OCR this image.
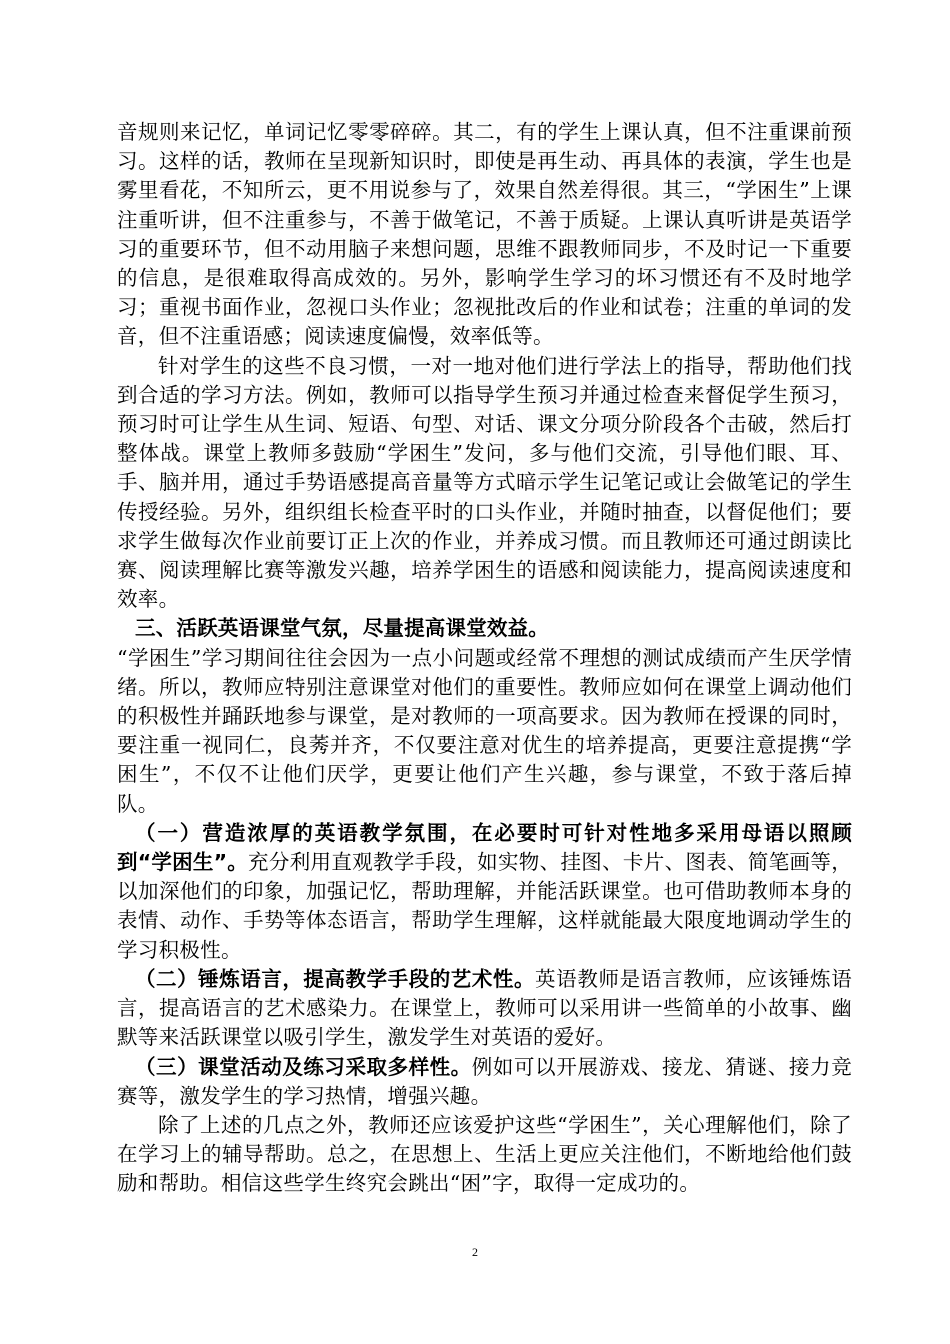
音规则来记忆，单词记忆零零碎碎。其二，有的学生上课认真，但不注重课前预习。这样的话，教师在呈现新知识时，即使是再生动、再具体的表演，学生也是雾里看花，不知所云，更不用说参与了，效果自然差得很。其三，“学困生”上课注重听讲，但不注重参与，不善于做笔记，不善于质疑。上课认真听讲是英语学习的重要环节，但不动用脑子来想问题，思维不跟教师同步，不及时记一下重要的信息，是很难取得高成效的。另外，影响学生学习的坏习惯还有不及时地学习；重视书面作业，忽视口头作业；忽视批改后的作业和试卷；注重的单词的发音，但不注重语感；阅读速度偏慢，效率低等。

针对学生的这些不良习惯，一对一地对他们进行学法上的指导，帮助他们找到合适的学习方法。例如，教师可以指导学生预习并通过检查来督促学生预习，预习时可让学生从生词、短语、句型、对话、课文分项分阶段各个击破，然后打整体战。课堂上教师多鼓励“学困生”发问，多与他们交流，引导他们眼、耳、手、脑并用，通过手势语感提高音量等方式暗示学生记笔记或让会做笔记的学生传授经验。另外，组织组长检查平时的口头作业，并随时抽查，以督促他们；要求学生做每次作业前要订正上次的作业，并养成习惯。而且教师还可通过朗读比赛、阅读理解比赛等激发兴趣，培养学困生的语感和阅读能力，提高阅读速度和效率。

三、活跃英语课堂气氛，尽量提高课堂效益。

“学困生”学习期间往往会因为一点小问题或经常不理想的测试成绩而产生厌学情绪。所以，教师应特别注意课堂对他们的重要性。教师应如何在课堂上调动他们的积极性并踊跃地参与课堂，是对教师的一项高要求。因为教师在授课的同时，要注重一视同仁，良莠并齐，不仅要注意对优生的培养提高，更要注意提携“学困生”，不仅不让他们厌学，更要让他们产生兴趣，参与课堂，不致于落后掉队。

（一）营造浓厚的英语教学氛围，在必要时可针对性地多采用母语以照顾到“学困生”。充分利用直观教学手段，如实物、挂图、卡片、图表、简笔画等，以加深他们的印象，加强记忆，帮助理解，并能活跃课堂。也可借助教师本身的表情、动作、手势等体态语言，帮助学生理解，这样就能最大限度地调动学生的学习积极性。

（二）锤炼语言，提高教学手段的艺术性。英语教师是语言教师，应该锤炼语言，提高语言的艺术感染力。在课堂上，教师可以采用讲一些简单的小故事、幽默等来活跃课堂以吸引学生，激发学生对英语的爱好。

（三）课堂活动及练习采取多样性。例如可以开展游戏、接龙、猜谜、接力竞赛等，激发学生的学习热情，增强兴趣。

除了上述的几点之外，教师还应该爱护这些“学困生”，关心理解他们，除了在学习上的辅导帮助。总之，在思想上、生活上更应关注他们，不断地给他们鼓励和帮助。相信这些学生终究会跳出“困”字，取得一定成功的。

2
